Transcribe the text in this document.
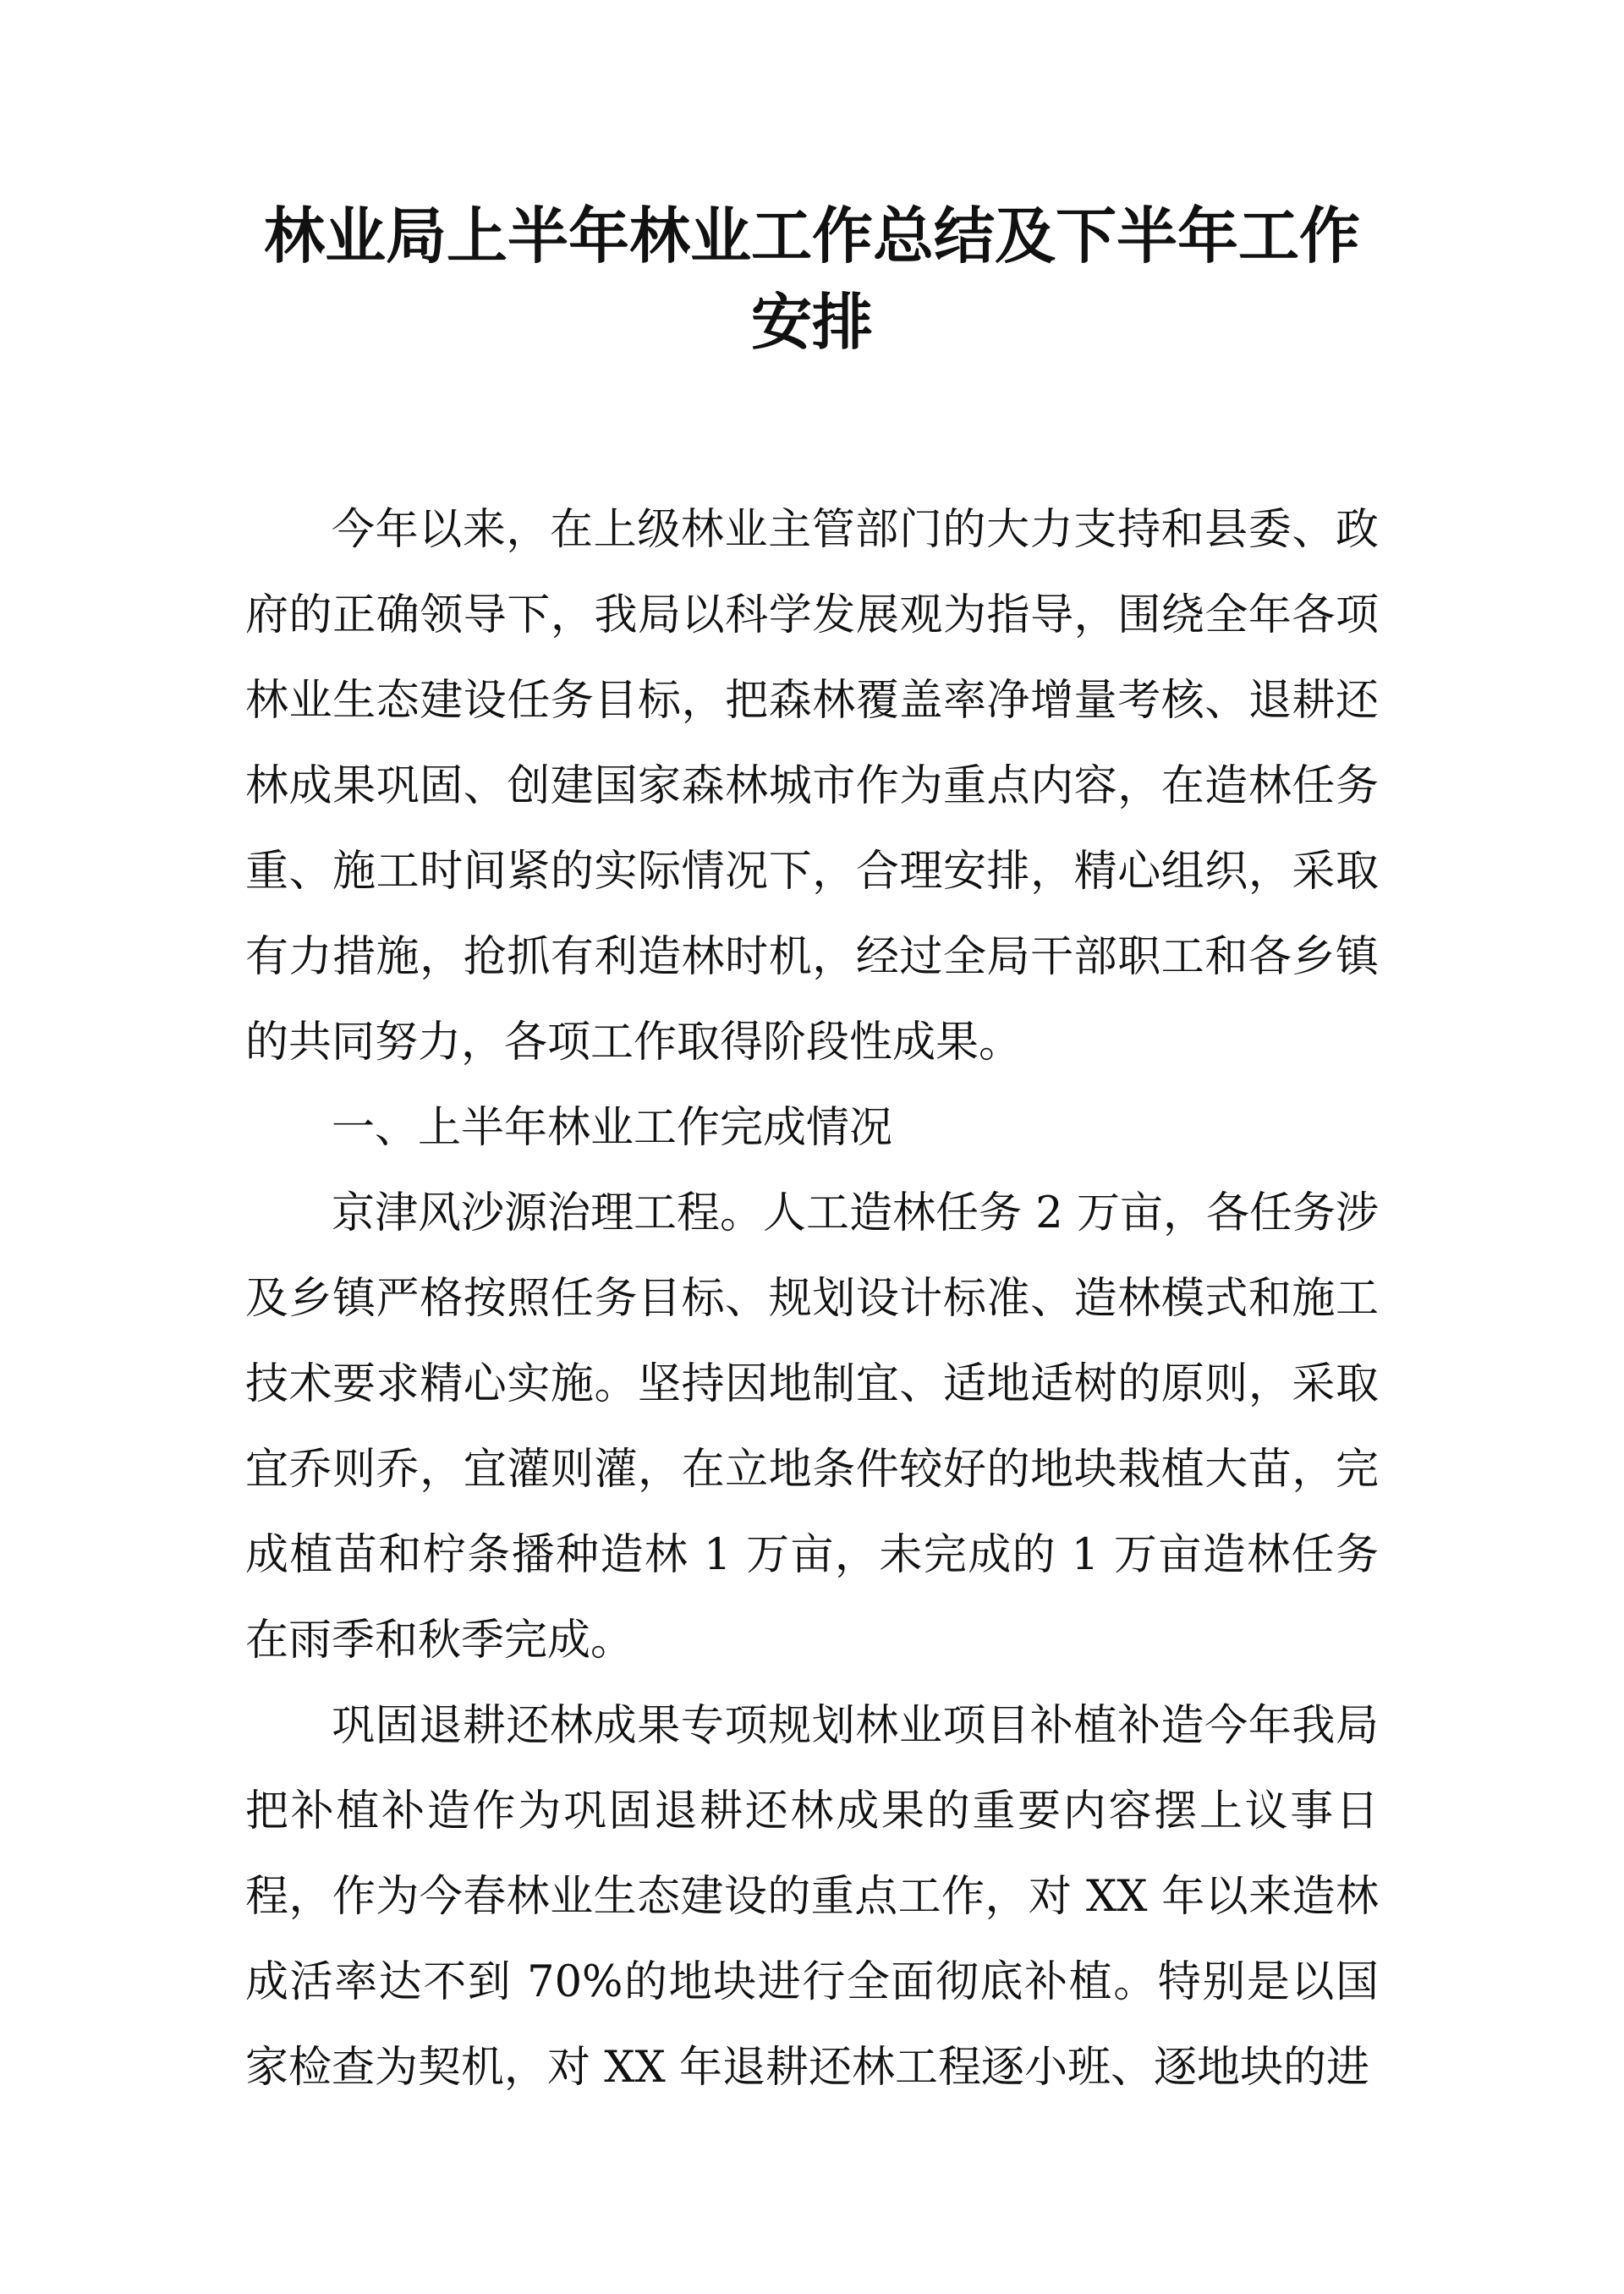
林业局上半年林业工作总结及下半年工作安排

今年以来，在上级林业主管部门的大力支持和县委、政府的正确领导下，我局以科学发展观为指导，围绕全年各项林业生态建设任务目标，把森林覆盖率净增量考核、退耕还林成果巩固、创建国家森林城市作为重点内容，在造林任务重、施工时间紧的实际情况下，合理安排，精心组织，采取有力措施，抢抓有利造林时机，经过全局干部职工和各乡镇的共同努力，各项工作取得阶段性成果。

一、上半年林业工作完成情况

京津风沙源治理工程。人工造林任务 2 万亩，各任务涉及乡镇严格按照任务目标、规划设计标准、造林模式和施工技术要求精心实施。坚持因地制宜、适地适树的原则，采取宜乔则乔，宜灌则灌，在立地条件较好的地块栽植大苗，完成植苗和柠条播种造林 1 万亩，未完成的 1 万亩造林任务在雨季和秋季完成。

巩固退耕还林成果专项规划林业项目补植补造今年我局把补植补造作为巩固退耕还林成果的重要内容摆上议事日程，作为今春林业生态建设的重点工作，对 XX 年以来造林成活率达不到 70%的地块进行全面彻底补植。特别是以国家检查为契机，对 XX 年退耕还林工程逐小班、逐地块的进
